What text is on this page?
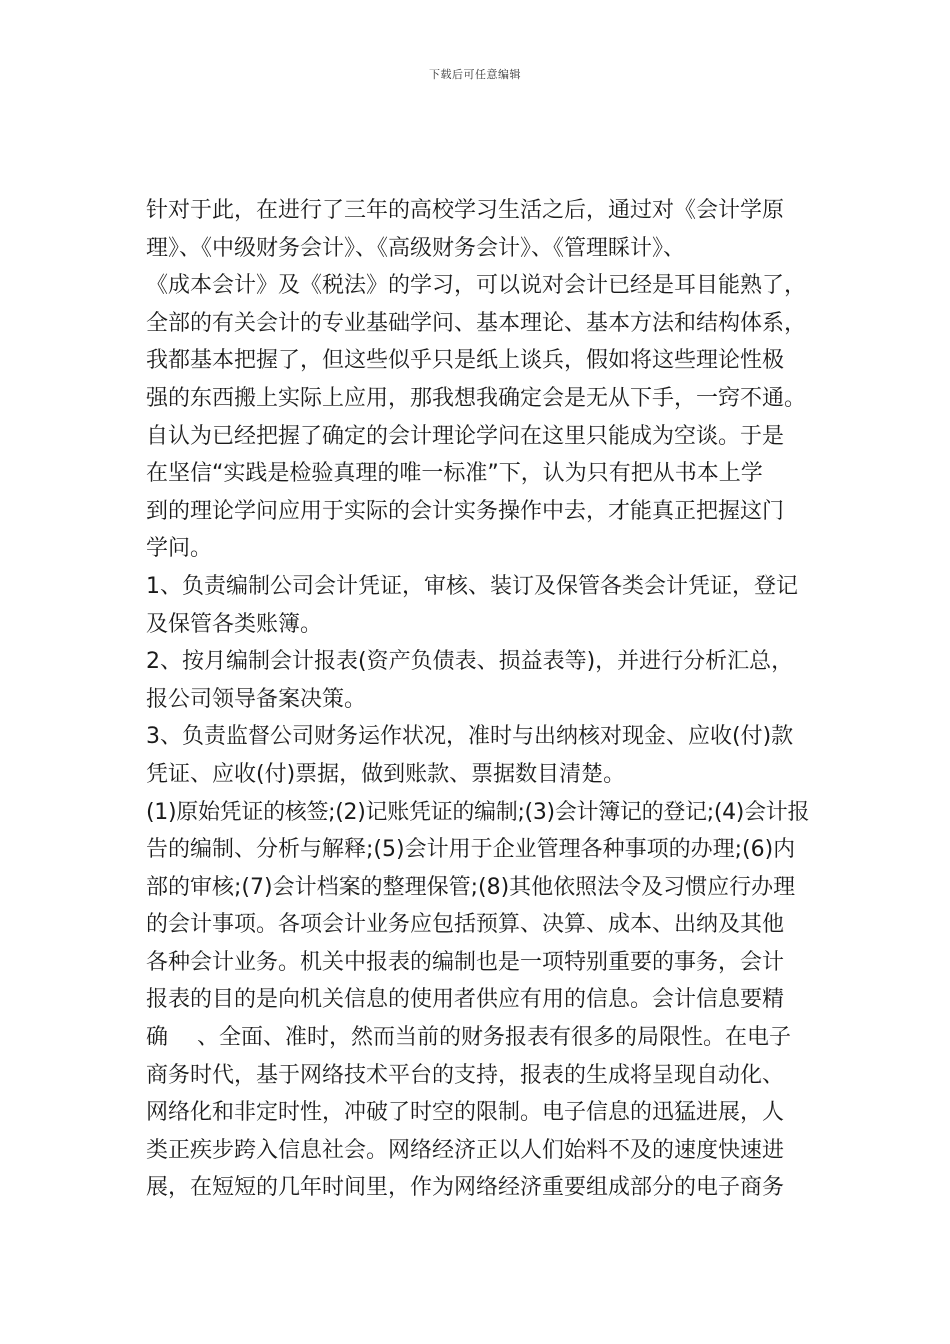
下载后可任意编辑
针对于此，在进行了三年的高校学习生活之后，通过对《会计学原
理》、《中级财务会计》、《高级财务会计》、《管理睬计》、
《成本会计》及《税法》的学习，可以说对会计已经是耳目能熟了，
全部的有关会计的专业基础学问、基本理论、基本方法和结构体系，
我都基本把握了，但这些似乎只是纸上谈兵，假如将这些理论性极
强的东西搬上实际上应用，那我想我确定会是无从下手，一窍不通。
自认为已经把握了确定的会计理论学问在这里只能成为空谈。于是
在坚信“实践是检验真理的唯一标准”下，认为只有把从书本上学
到的理论学问应用于实际的会计实务操作中去，才能真正把握这门
学问。
1、负责编制公司会计凭证，审核、装订及保管各类会计凭证，登记
及保管各类账簿。
2、按月编制会计报表(资产负债表、损益表等)，并进行分析汇总，
报公司领导备案决策。
3、负责监督公司财务运作状况，准时与出纳核对现金、应收(付)款
凭证、应收(付)票据，做到账款、票据数目清楚。
(1)原始凭证的核签;(2)记账凭证的编制;(3)会计簿记的登记;(4)会计报
告的编制、分析与解释;(5)会计用于企业管理各种事项的办理;(6)内
部的审核;(7)会计档案的整理保管;(8)其他依照法令及习惯应行办理
的会计事项。各项会计业务应包括预算、决算、成本、出纳及其他
各种会计业务。机关中报表的编制也是一项特别重要的事务，会计
报表的目的是向机关信息的使用者供应有用的信息。会计信息要精
确　 、全面、准时，然而当前的财务报表有很多的局限性。在电子
商务时代，基于网络技术平台的支持，报表的生成将呈现自动化、
网络化和非定时性，冲破了时空的限制。电子信息的迅猛进展，人
类正疾步跨入信息社会。网络经济正以人们始料不及的速度快速进
展，在短短的几年时间里，作为网络经济重要组成部分的电子商务
